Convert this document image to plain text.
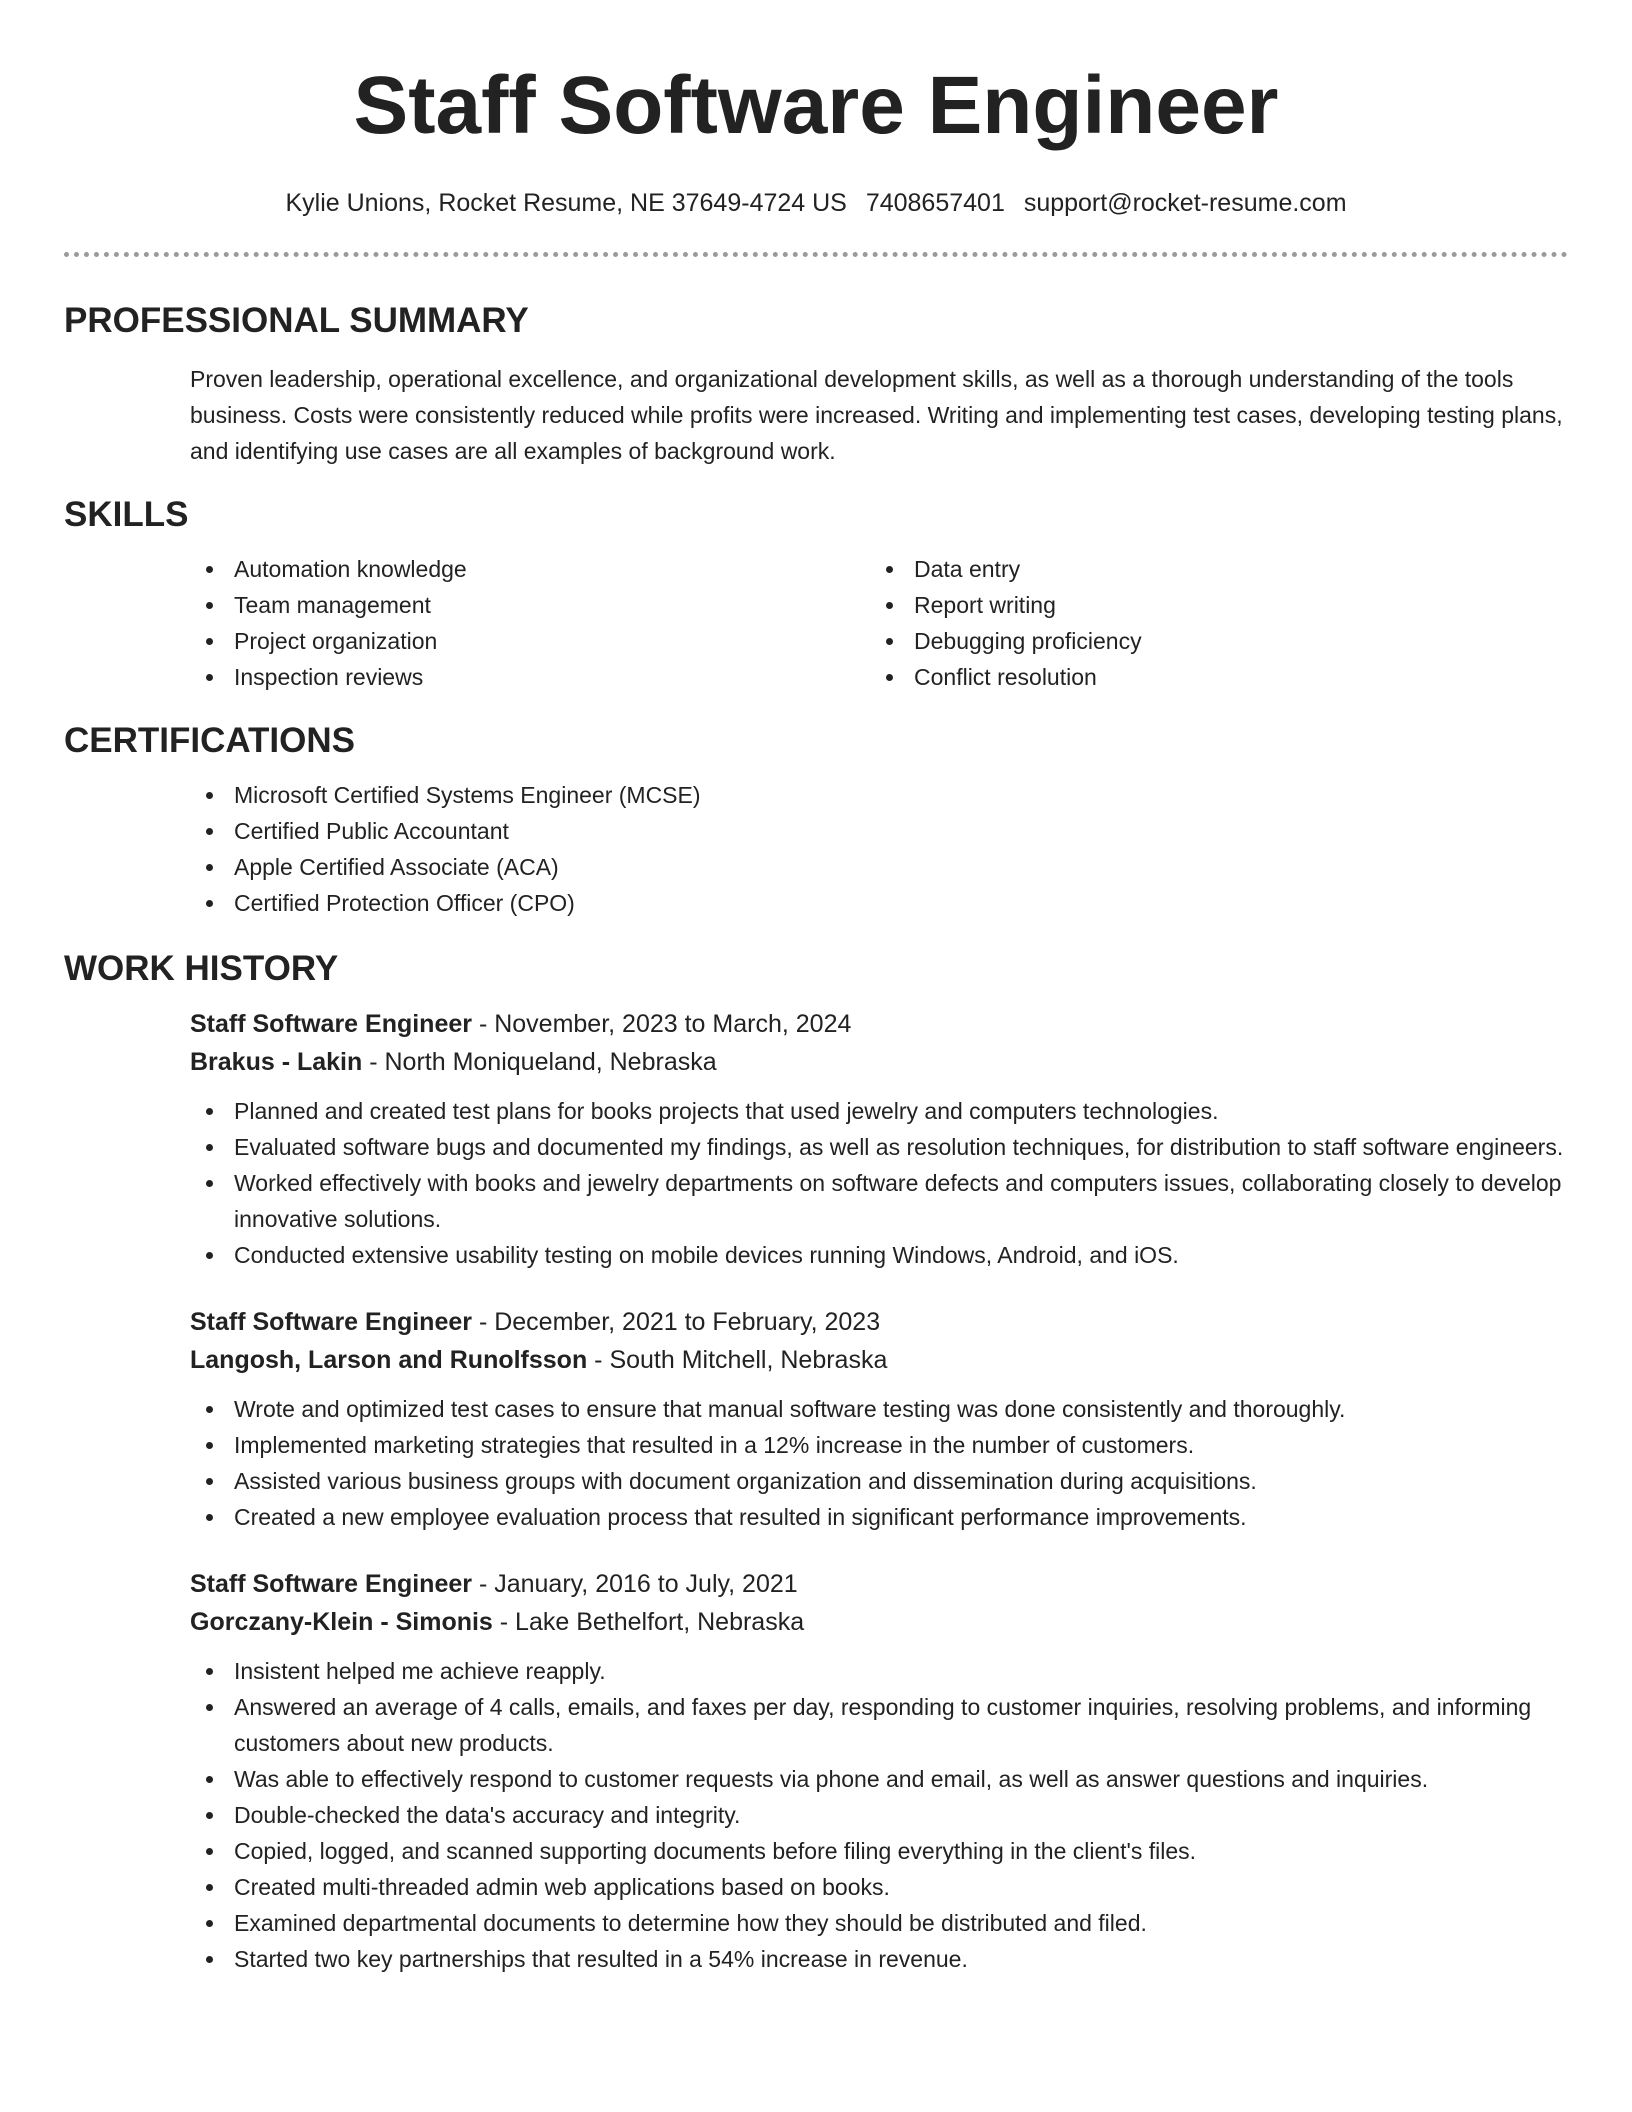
Staff Software Engineer
Kylie Unions, Rocket Resume, NE 37649-4724 US 7408657401 support@rocket-resume.com
PROFESSIONAL SUMMARY

Proven leadership, operational excellence, and organizational development skills, as well as a thorough understanding of the tools business. Costs were consistently reduced while profits were increased. Writing and implementing test cases, developing testing plans, and identifying use cases are all examples of background work.

SKILLS
Automation knowledge
Team management
Project organization
Inspection reviews
Data entry
Report writing
Debugging proficiency
Conflict resolution
CERTIFICATIONS
Microsoft Certified Systems Engineer (MCSE)
Certified Public Accountant
Apple Certified Associate (ACA)
Certified Protection Officer (CPO)
WORK HISTORY
Staff Software Engineer - November, 2023 to March, 2024
Brakus - Lakin - North Moniqueland, Nebraska
Planned and created test plans for books projects that used jewelry and computers technologies.
Evaluated software bugs and documented my findings, as well as resolution techniques, for distribution to staff software engineers.
Worked effectively with books and jewelry departments on software defects and computers issues, collaborating closely to develop innovative solutions.
Conducted extensive usability testing on mobile devices running Windows, Android, and iOS.
Staff Software Engineer - December, 2021 to February, 2023
Langosh, Larson and Runolfsson - South Mitchell, Nebraska
Wrote and optimized test cases to ensure that manual software testing was done consistently and thoroughly.
Implemented marketing strategies that resulted in a 12% increase in the number of customers.
Assisted various business groups with document organization and dissemination during acquisitions.
Created a new employee evaluation process that resulted in significant performance improvements.
Staff Software Engineer - January, 2016 to July, 2021
Gorczany-Klein - Simonis - Lake Bethelfort, Nebraska
Insistent helped me achieve reapply.
Answered an average of 4 calls, emails, and faxes per day, responding to customer inquiries, resolving problems, and informing customers about new products.
Was able to effectively respond to customer requests via phone and email, as well as answer questions and inquiries.
Double-checked the data's accuracy and integrity.
Copied, logged, and scanned supporting documents before filing everything in the client's files.
Created multi-threaded admin web applications based on books.
Examined departmental documents to determine how they should be distributed and filed.
Started two key partnerships that resulted in a 54% increase in revenue.
